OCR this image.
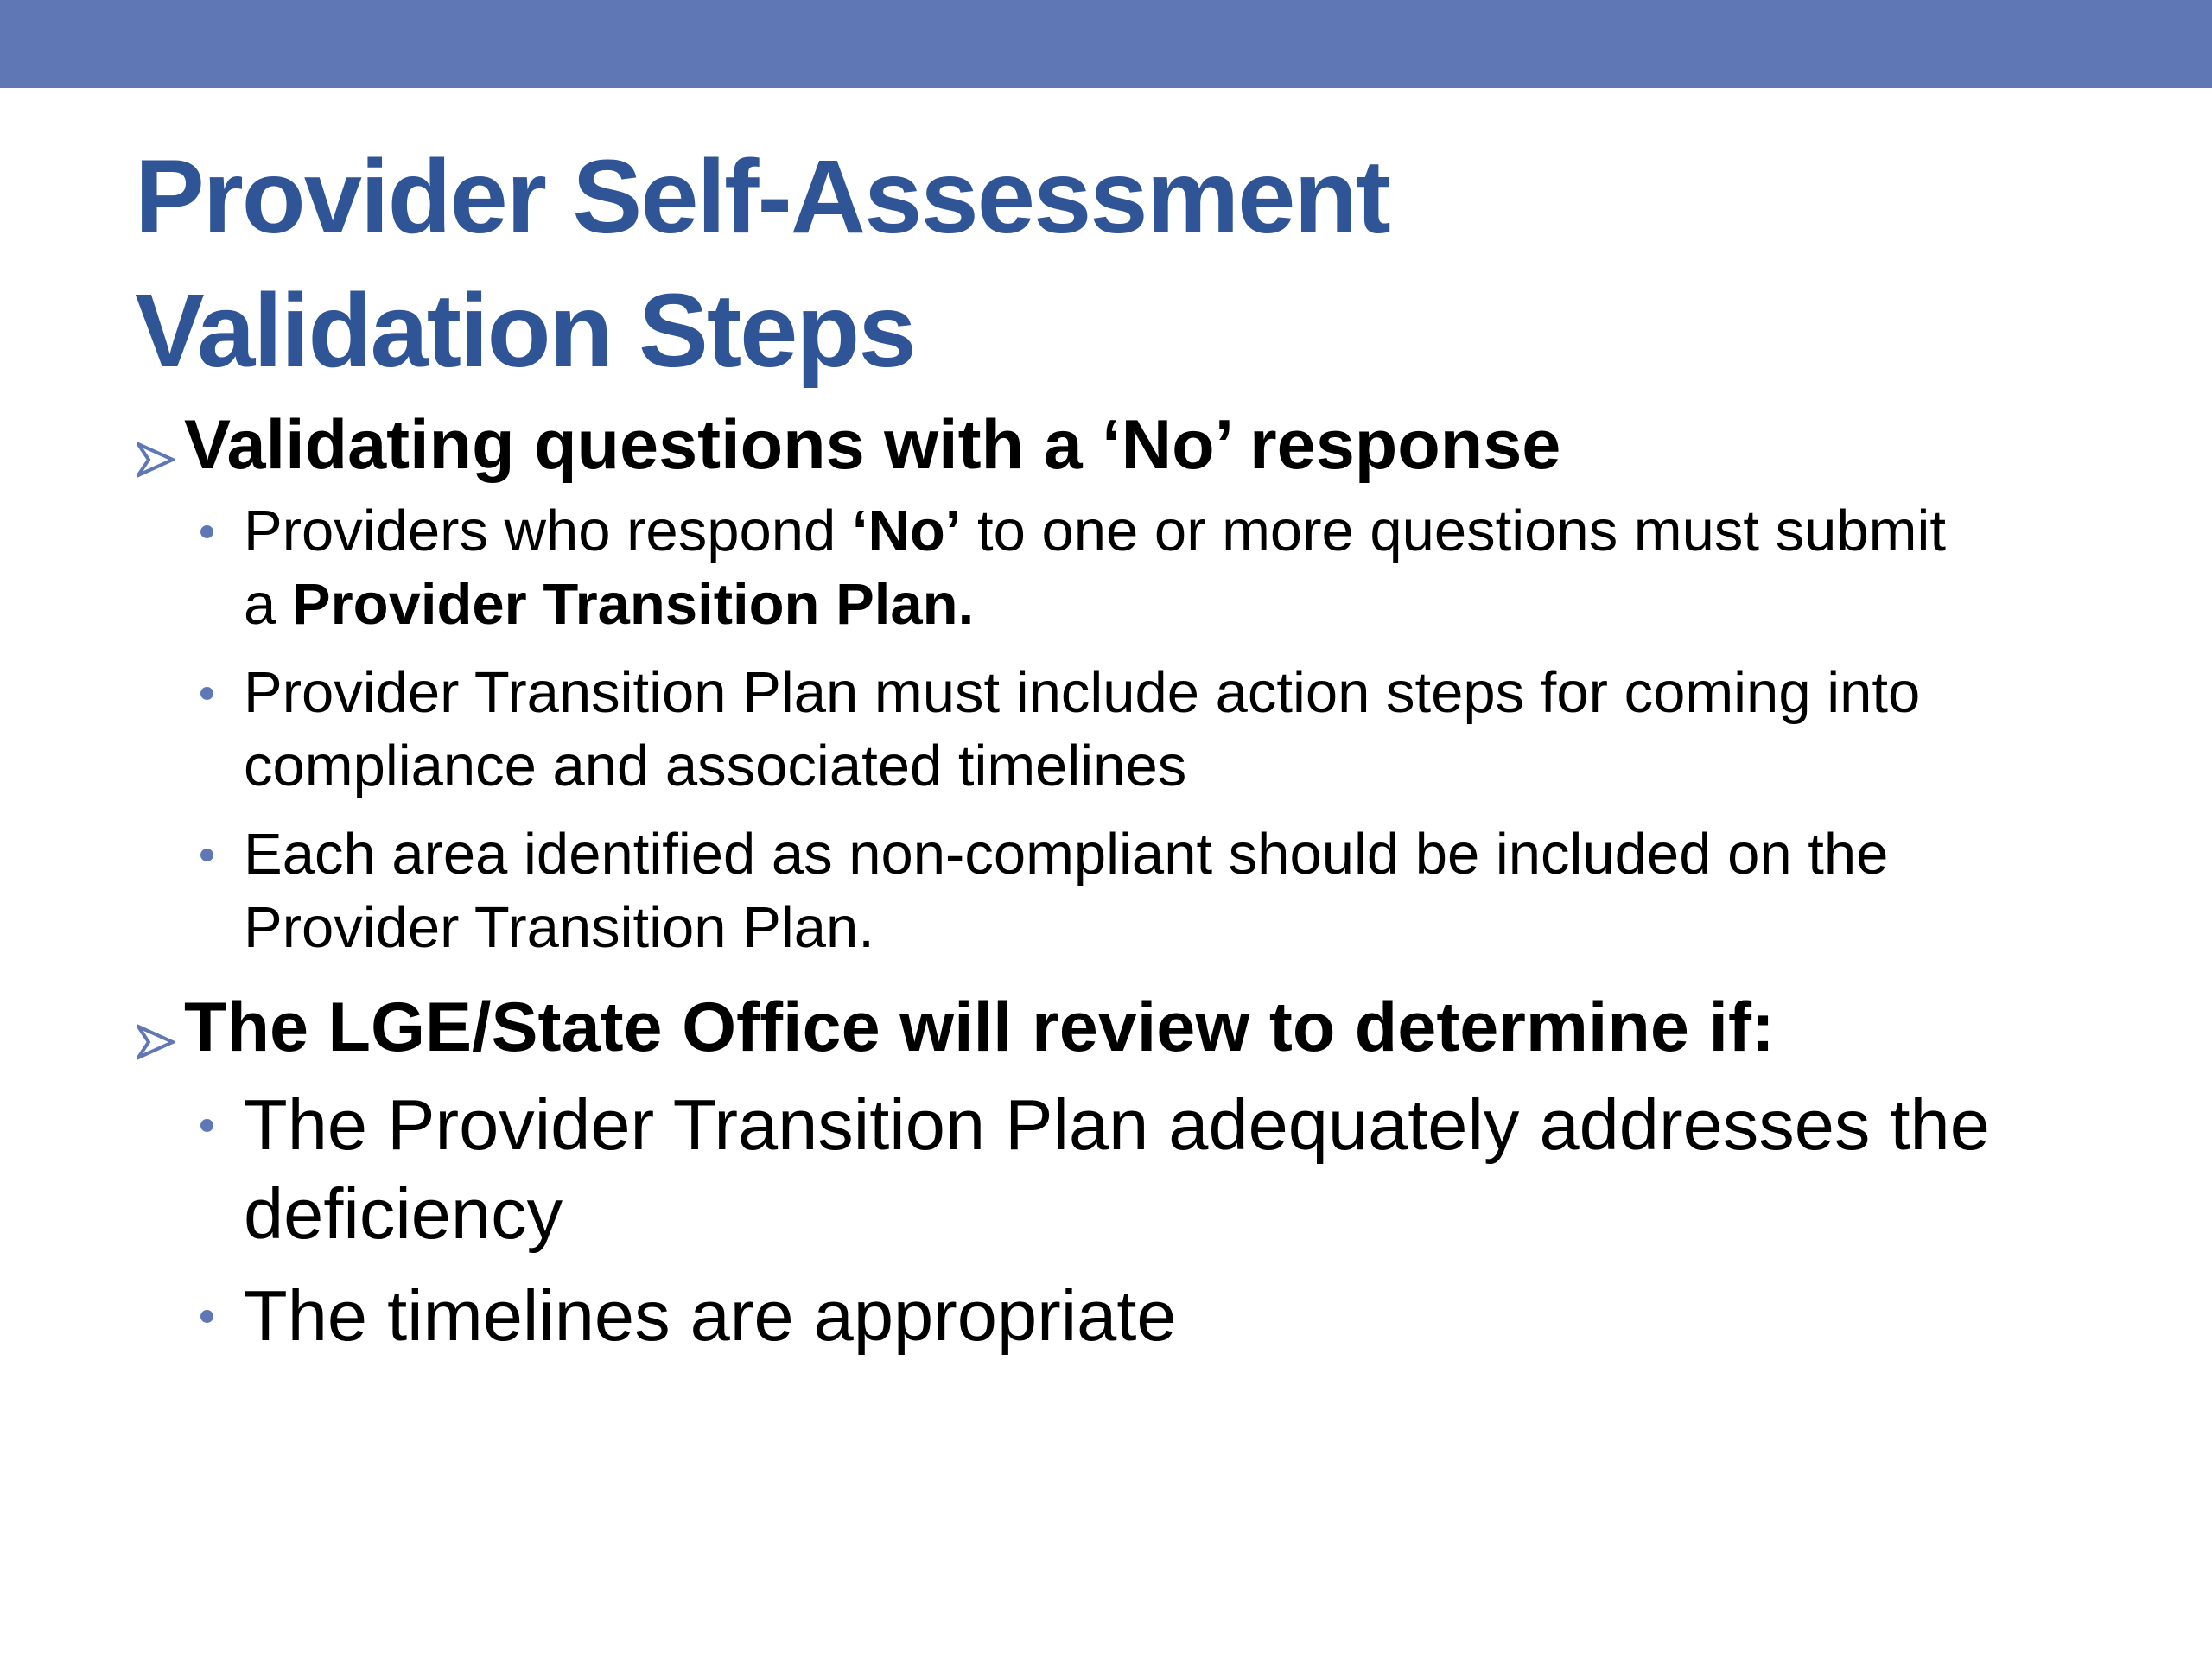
Provider Self-Assessment
Validation Steps
Validating questions with a ‘No’ response
Providers who respond ‘No’ to one or more questions must submit
a Provider Transition Plan.
Provider Transition Plan must include action steps for coming into
compliance and associated timelines
Each area identified as non-compliant should be included on the
Provider Transition Plan.
The LGE/State Office will review to determine if:
The Provider Transition Plan adequately addresses the
deficiency
The timelines are appropriate
